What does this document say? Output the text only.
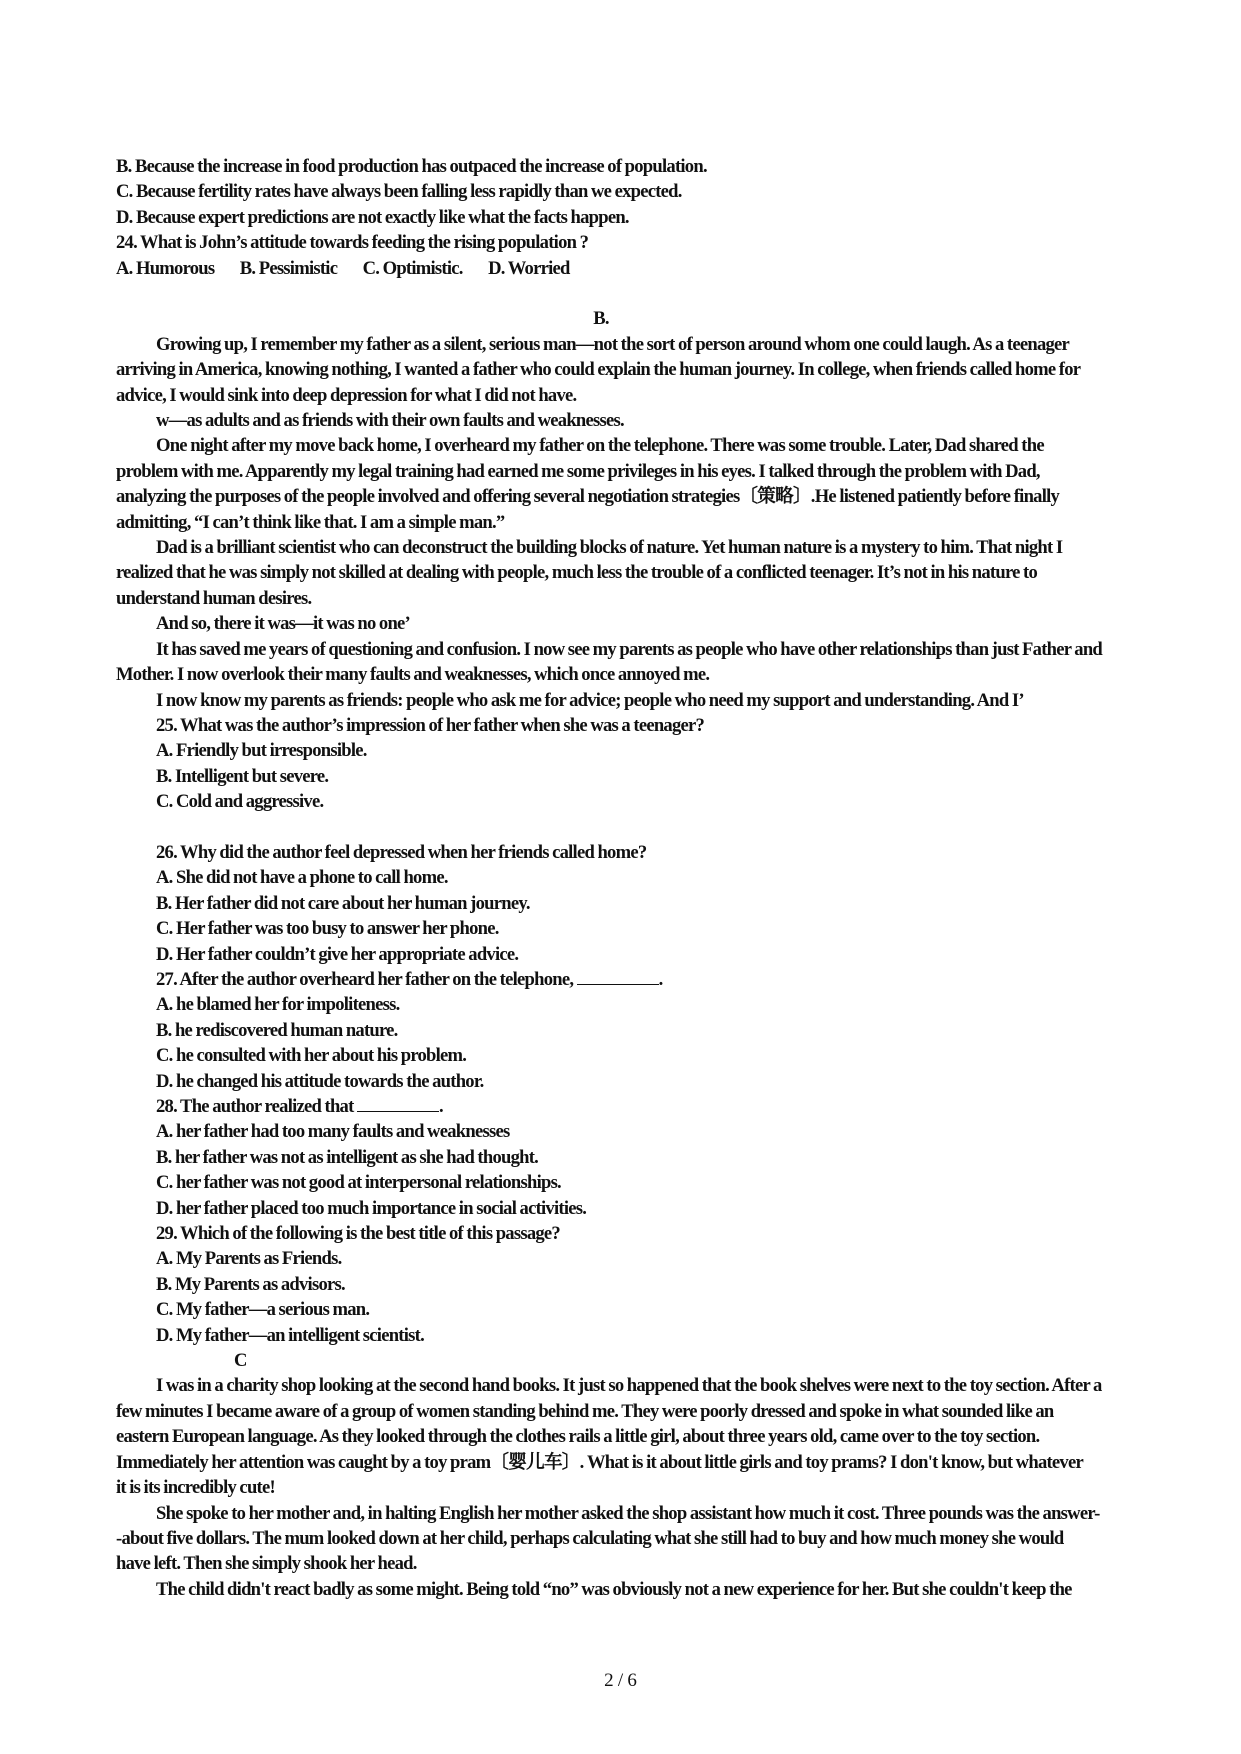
B. Because the increase in food production has outpaced the increase of population.
C. Because fertility rates have always been falling less rapidly than we expected.
D. Because expert predictions are not exactly like what the facts happen.
24. What is John’s attitude towards feeding the rising population ?
A. Humorous B. Pessimistic C. Optimistic. D. Worried
B.
Growing up, I remember my father as a silent, serious man—not the sort of person around whom one could laugh. As a teenager
arriving in America, knowing nothing, I wanted a father who could explain the human journey. In college, when friends called home for
advice, I would sink into deep depression for what I did not have.
w—as adults and as friends with their own faults and weaknesses.
One night after my move back home, I overheard my father on the telephone. There was some trouble. Later, Dad shared the
problem with me. Apparently my legal training had earned me some privileges in his eyes. I talked through the problem with Dad,
analyzing the purposes of the people involved and offering several negotiation strategies〔策略〕.He listened patiently before finally
admitting, “I can’t think like that. I am a simple man.”
Dad is a brilliant scientist who can deconstruct the building blocks of nature. Yet human nature is a mystery to him. That night I
realized that he was simply not skilled at dealing with people, much less the trouble of a conflicted teenager. It’s not in his nature to
understand human desires.
And so, there it was—it was no one’
It has saved me years of questioning and confusion. I now see my parents as people who have other relationships than just Father and
Mother. I now overlook their many faults and weaknesses, which once annoyed me.
I now know my parents as friends: people who ask me for advice; people who need my support and understanding. And I’
25. What was the author’s impression of her father when she was a teenager?
A. Friendly but irresponsible.
B. Intelligent but severe.
C. Cold and aggressive.
26. Why did the author feel depressed when her friends called home?
A. She did not have a phone to call home.
B. Her father did not care about her human journey.
C. Her father was too busy to answer her phone.
D. Her father couldn’t give her appropriate advice.
27. After the author overheard her father on the telephone,	.
A. he blamed her for impoliteness.
B. he rediscovered human nature.
C. he consulted with her about his problem.
D. he changed his attitude towards the author.
28. The author realized that	.
A. her father had too many faults and weaknesses
B. her father was not as intelligent as she had thought.
C. her father was not good at interpersonal relationships.
D. her father placed too much importance in social activities.
29. Which of the following is the best title of this passage?
A. My Parents as Friends.
B. My Parents as advisors.
C. My father—a serious man.
D. My father—an intelligent scientist.
C
I was in a charity shop looking at the second hand books. It just so happened that the book shelves were next to the toy section. After a
few minutes I became aware of a group of women standing behind me. They were poorly dressed and spoke in what sounded like an
eastern European language. As they looked through the clothes rails a little girl, about three years old, came over to the toy section.
Immediately her attention was caught by a toy pram〔婴儿车〕. What is it about little girls and toy prams? I don't know, but whatever
it is its incredibly cute!
She spoke to her mother and, in halting English her mother asked the shop assistant how much it cost. Three pounds was the answer-
-about five dollars. The mum looked down at her child, perhaps calculating what she still had to buy and how much money she would
have left. Then she simply shook her head.
The child didn't react badly as some might. Being told “no” was obviously not a new experience for her. But she couldn't keep the
2 / 6
